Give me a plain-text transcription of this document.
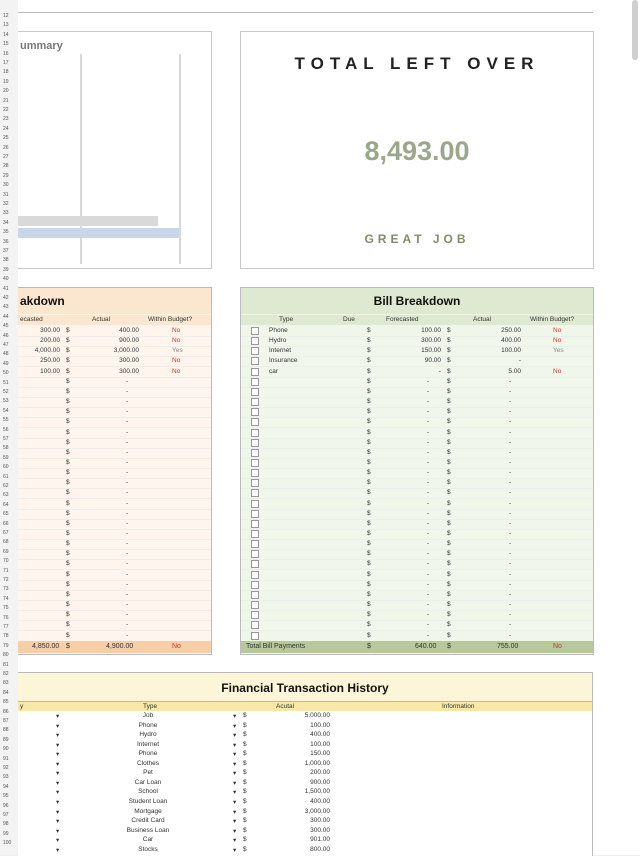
12
13
14
15
16
17
18
19
20
21
22
23
24
25
26
27
28
29
30
31
32
33
34
35
36
37
38
39
40
41
42
43
44
45
46
47
48
49
50
51
52
53
54
55
56
57
58
59
60
61
62
63
64
65
66
67
68
69
70
71
72
73
74
75
76
77
78
79
80
81
82
83
84
85
86
87
88
89
90
91
92
93
94
95
96
97
98
99
100
ummary
TOTAL LEFT OVER
8,493.00
GREAT JOB
akdown
ecasted	Actual	Within Budget?
300.00 $	400.00	No
200.00 $	900.00	No
4,000.00 $	3,000.00	Yes
250.00 $	300.00	No
100.00 $	300.00	No
$	-
$	-
$	-
$	-
$	-
$	-
$	-
$	-
$	-
$	-
$	-
$	-
$	-
$	-
$	-
$	-
$	-
$	-
$	-
$	-
$	-
$	-
$	-
$	-
$	-
$	-
4,850.00 $	4,900.00	No
Bill Breakdown
Type	Due	Forecasted	Actual	Within Budget?
Phone	$	100.00 $	250.00	No
Hydro	$	300.00 $	400.00	No
Internet	$	150.00 $	100.00	Yes
Insurance	$	90.00 $	-
car	$	- $	5.00	No
$	-	$	-
$	-	$	-
$	-	$	-
$	-	$	-
$	-	$	-
$	-	$	-
$	-	$	-
$	-	$	-
$	-	$	-
$	-	$	-
$	-	$	-
$	-	$	-
$	-	$	-
$	-	$	-
$	-	$	-
$	-	$	-
$	-	$	-
$	-	$	-
$	-	$	-
$	-	$	-
$	-	$	-
$	-	$	-
$	-	$	-
$	-	$	-
$	-	$	-
$	-	$	-
Total Bill Payments	$	640.00 $	755.00	No
Financial Transaction History
y	Type	Acutal	Information
▾	Job	▾ $	5,000.00
▾	Phone	▾ $	100.00
▾	Hydro	▾ $	400.00
▾	Internet	▾ $	100.00
▾	Phone	▾ $	150.00
▾	Clothes	▾ $	1,000.00
▾	Pet	▾ $	200.00
▾	Car Loan	▾ $	900.00
▾	School	▾ $	1,500.00
▾	Student Loan	▾ $	400.00
▾	Mortgage	▾ $	3,000.00
▾	Credit Card	▾ $	300.00
▾	Business Loan	▾ $	300.00
▾	Car	▾ $	901.00
▾	Stocks	▾ $	800.00
